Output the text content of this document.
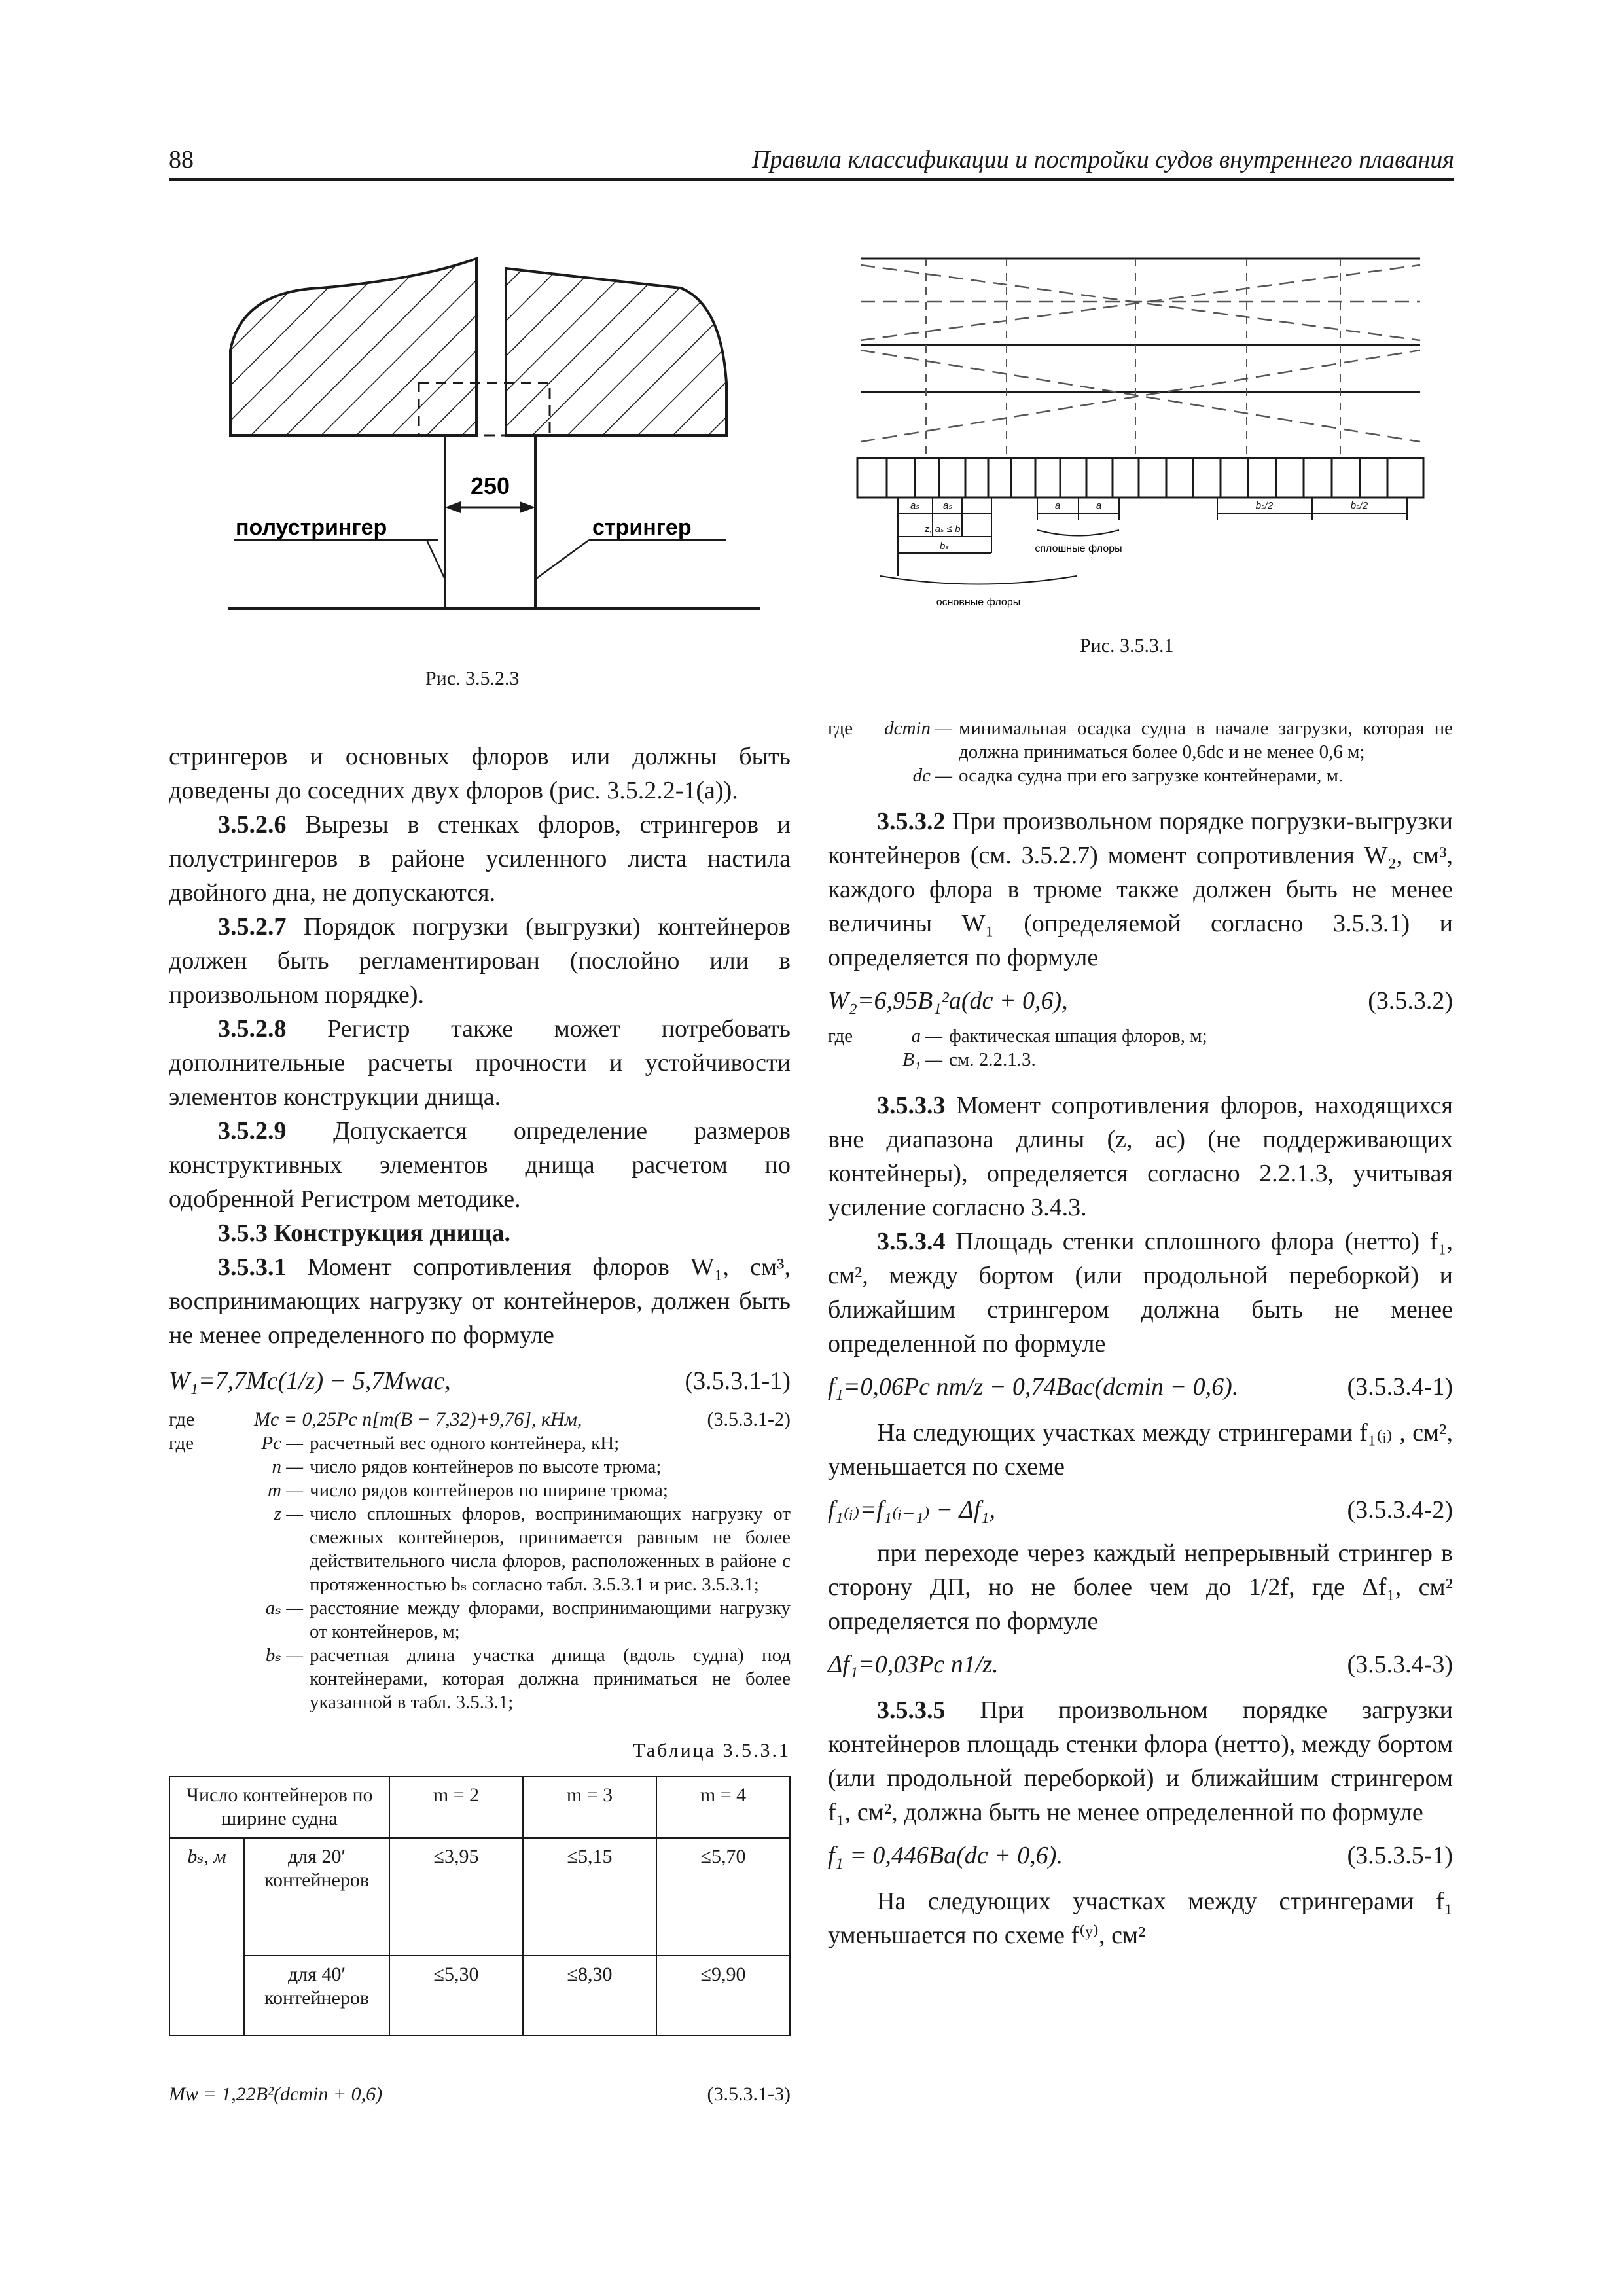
88	Правила классификации и постройки судов внутреннего плавания
250
полустрингер	стрингер
Рис. 3.5.2.3
aₛ aₛ
z, aₛ ≤ bₛ
bₛ
a	a	bₛ/2	bₛ/2
сплошные флоры
основные флоры
Рис. 3.5.3.1

стрингеров и основных флоров или должны быть доведены до соседних двух флоров (рис. 3.5.2.2-1(a)).

3.5.2.6 Вырезы в стенках флоров, стрингеров и полустрингеров в районе усиленного листа настила двойного дна, не допускаются.

3.5.2.7 Порядок погрузки (выгрузки) контейнеров должен быть регламентирован (послойно или в произвольном порядке).

3.5.2.8 Регистр также может потребовать дополнительные расчеты прочности и устойчивости элементов конструкции днища.

3.5.2.9 Допускается определение размеров конструктивных элементов днища расчетом по одобренной Регистром методике.

3.5.3 Конструкция днища.

3.5.3.1 Момент сопротивления флоров W₁, см³, воспринимающих нагрузку от контейнеров, должен быть не менее определенного по формуле

W₁=7,7Mc(1/z) − 5,7Mwac,	(3.5.3.1-1)
где	Mc = 0,25Pc n[m(B − 7,32)+9,76], кНм,	(3.5.3.1-2)
где	Pc — расчетный вес одного контейнера, кН;
n — число рядов контейнеров по высоте трюма;
m — число рядов контейнеров по ширине трюма;
z — число сплошных флоров, воспринимающих нагрузку от смежных контейнеров, принимается равным не более действительного числа флоров, расположенных в районе с протяженностью bₛ согласно табл. 3.5.3.1 и рис. 3.5.3.1;
aₛ — расстояние между флорами, воспринимающими нагрузку от контейнеров, м;
bₛ — расчетная длина участка днища (вдоль судна) под контейнерами, которая должна приниматься не более указанной в табл. 3.5.3.1;
Таблица 3.5.3.1
Число контейнеров по ширине судна		m = 2	m = 3	m = 4
bₛ, м	для 20′ контейнеров	≤3,95	≤5,15	≤5,70
	для 40′ контейнеров	≤5,30	≤8,30	≤9,90
Mw = 1,22B²(dcmin + 0,6)	(3.5.3.1-3)
где	dcmin — минимальная осадка судна в начале загрузки, которая не должна приниматься более 0,6dc и не менее 0,6 м;
dc — осадка судна при его загрузке контейнерами, м.

3.5.3.2 При произвольном порядке погрузки-выгрузки контейнеров (см. 3.5.2.7) момент сопротивления W₂, см³, каждого флора в трюме также должен быть не менее величины W₁ (определяемой согласно 3.5.3.1) и определяется по формуле

W₂=6,95B₁²a(dc + 0,6),	(3.5.3.2)
где	a — фактическая шпация флоров, м;
B₁ — см. 2.2.1.3.

3.5.3.3 Момент сопротивления флоров, находящихся вне диапазона длины (z, ac) (не поддерживающих контейнеры), определяется согласно 2.2.1.3, учитывая усиление согласно 3.4.3.

3.5.3.4 Площадь стенки сплошного флора (нетто) f₁, см², между бортом (или продольной переборкой) и ближайшим стрингером должна быть не менее определенной по формуле

f₁=0,06Pc nm/z − 0,74Bac(dcmin − 0,6).	(3.5.3.4-1)

На следующих участках между стрингерами f₁₍ᵢ₎ , см², уменьшается по схеме

f₁₍ᵢ₎=f₁₍ᵢ₋₁₎ − Δf₁,	(3.5.3.4-2)

при переходе через каждый непрерывный стрингер в сторону ДП, но не более чем до 1/2f, где Δf₁, см² определяется по формуле

Δf₁=0,03Pc n1/z.	(3.5.3.4-3)

3.5.3.5 При произвольном порядке загрузки контейнеров площадь стенки флора (нетто), между бортом (или продольной переборкой) и ближайшим стрингером f₁, см², должна быть не менее определенной по формуле

f₁ = 0,446Ba(dc + 0,6).	(3.5.3.5-1)

На следующих участках между стрингерами f₁ уменьшается по схеме f⁽ʸ⁾, см²
